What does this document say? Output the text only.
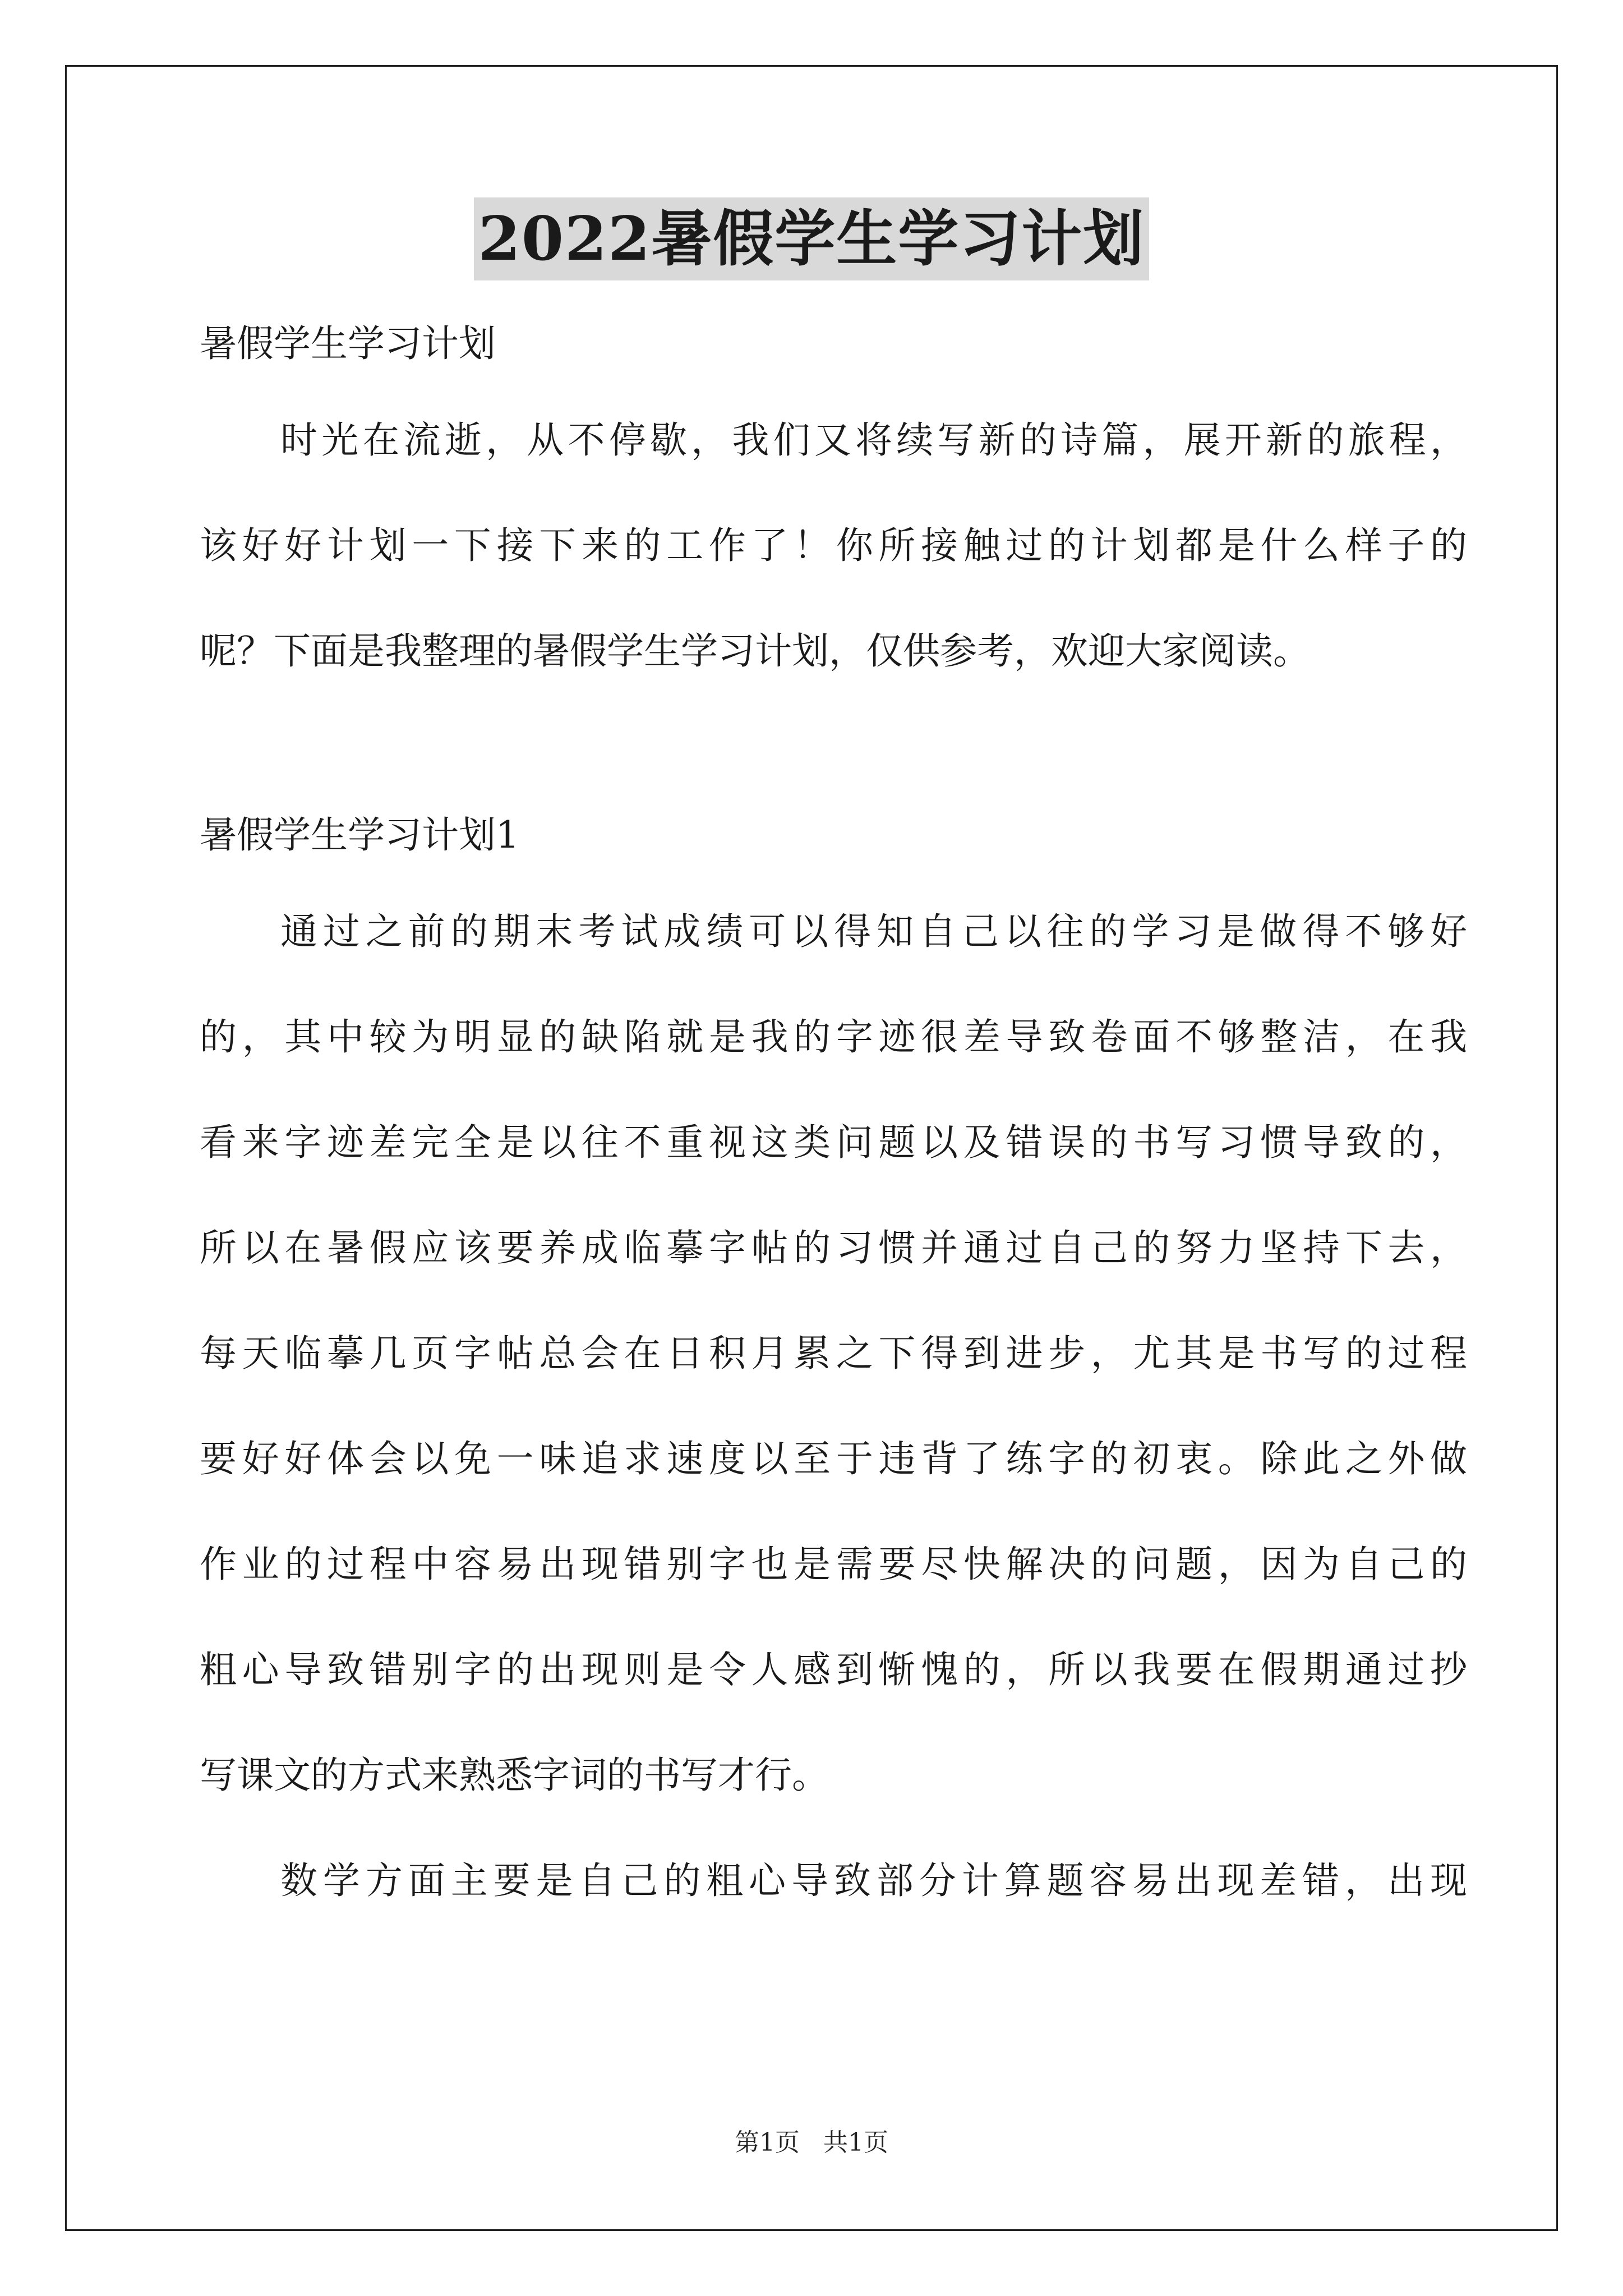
2022暑假学生学习计划

暑假学生学习计划

时光在流逝，从不停歇，我们又将续写新的诗篇，展开新的旅程，
该好好计划一下接下来的工作了！你所接触过的计划都是什么样子的
呢？下面是我整理的暑假学生学习计划，仅供参考，欢迎大家阅读。

暑假学生学习计划1

通过之前的期末考试成绩可以得知自己以往的学习是做得不够好
的，其中较为明显的缺陷就是我的字迹很差导致卷面不够整洁，在我
看来字迹差完全是以往不重视这类问题以及错误的书写习惯导致的，
所以在暑假应该要养成临摹字帖的习惯并通过自己的努力坚持下去，
每天临摹几页字帖总会在日积月累之下得到进步，尤其是书写的过程
要好好体会以免一味追求速度以至于违背了练字的初衷。除此之外做
作业的过程中容易出现错别字也是需要尽快解决的问题，因为自己的
粗心导致错别字的出现则是令人感到惭愧的，所以我要在假期通过抄
写课文的方式来熟悉字词的书写才行。
数学方面主要是自己的粗心导致部分计算题容易出现差错，出现
第1页 共1页
